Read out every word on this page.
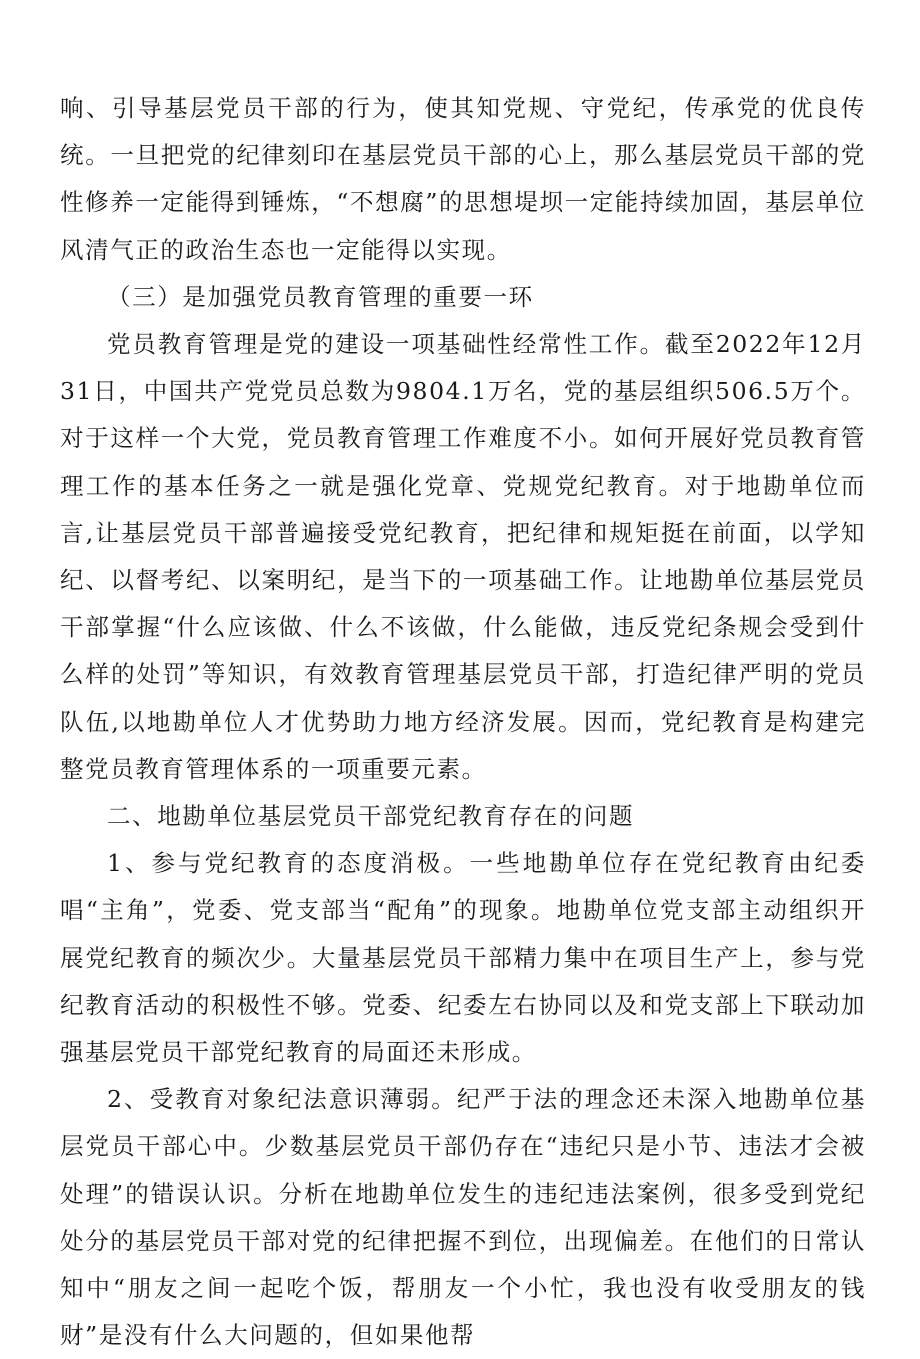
响、引导基层党员干部的行为，使其知党规、守党纪，传承党的优良传统。一旦把党的纪律刻印在基层党员干部的心上，那么基层党员干部的党性修养一定能得到锤炼，“不想腐”的思想堤坝一定能持续加固，基层单位风清气正的政治生态也一定能得以实现。

（三）是加强党员教育管理的重要一环

党员教育管理是党的建设一项基础性经常性工作。截至2022年12月31日，中国共产党党员总数为9804.1万名，党的基层组织506.5万个。对于这样一个大党，党员教育管理工作难度不小。如何开展好党员教育管理工作的基本任务之一就是强化党章、党规党纪教育。对于地勘单位而言,让基层党员干部普遍接受党纪教育，把纪律和规矩挺在前面，以学知纪、以督考纪、以案明纪，是当下的一项基础工作。让地勘单位基层党员干部掌握“什么应该做、什么不该做，什么能做，违反党纪条规会受到什么样的处罚”等知识，有效教育管理基层党员干部，打造纪律严明的党员队伍,以地勘单位人才优势助力地方经济发展。因而，党纪教育是构建完整党员教育管理体系的一项重要元素。

二、地勘单位基层党员干部党纪教育存在的问题

1、参与党纪教育的态度消极。一些地勘单位存在党纪教育由纪委唱“主角”，党委、党支部当“配角”的现象。地勘单位党支部主动组织开展党纪教育的频次少。大量基层党员干部精力集中在项目生产上，参与党纪教育活动的积极性不够。党委、纪委左右协同以及和党支部上下联动加强基层党员干部党纪教育的局面还未形成。

2、受教育对象纪法意识薄弱。纪严于法的理念还未深入地勘单位基层党员干部心中。少数基层党员干部仍存在“违纪只是小节、违法才会被处理”的错误认识。分析在地勘单位发生的违纪违法案例，很多受到党纪处分的基层党员干部对党的纪律把握不到位，出现偏差。在他们的日常认知中“朋友之间一起吃个饭，帮朋友一个小忙，我也没有收受朋友的钱财”是没有什么大问题的，但如果他帮
